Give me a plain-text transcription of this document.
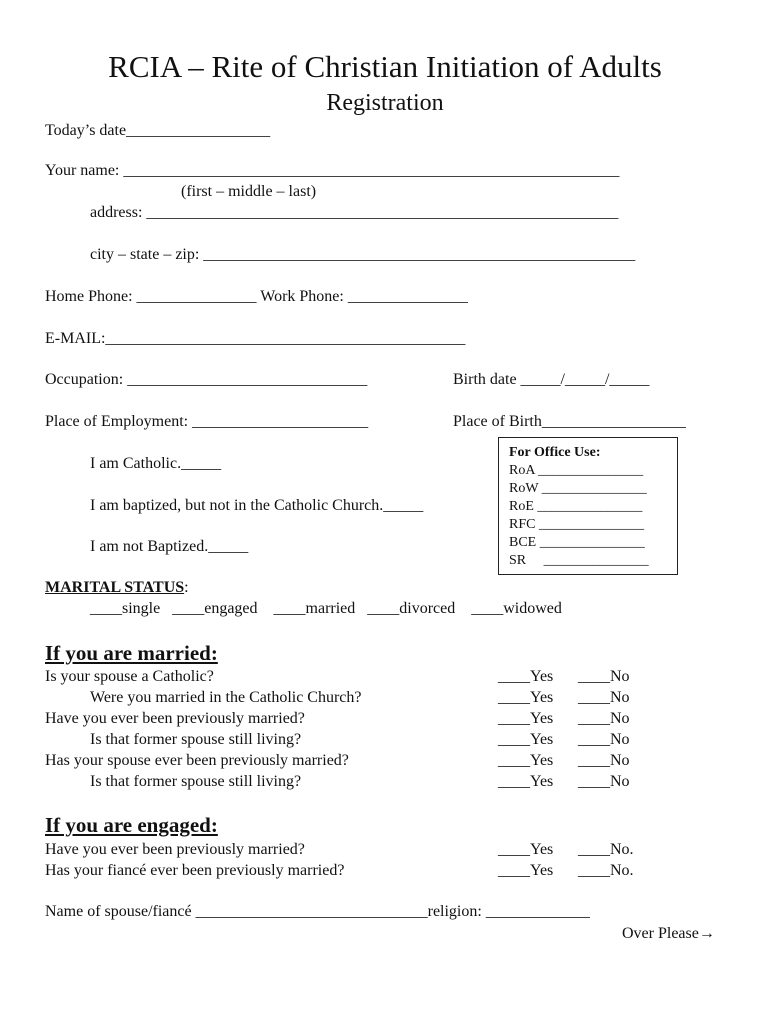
RCIA – Rite of Christian Initiation of Adults
Registration
Today’s date__________________
Your name: ______________________________________________________________
(first – middle – last)
address: ___________________________________________________________
city – state – zip: ______________________________________________________
Home Phone: _______________ Work Phone: _______________
E-MAIL:_____________________________________________
Occupation: ______________________________	Birth date _____/_____/_____
Place of Employment: ______________________	Place of Birth__________________
I am Catholic._____
I am baptized, but not in the Catholic Church._____
I am not Baptized._____
For Office Use:
RoA _______________
RoW _______________
RoE _______________
RFC _______________
BCE _______________
SR     _______________
MARITAL STATUS:
____single   ____engaged    ____married   ____divorced    ____widowed
If you are married:
Is your spouse a Catholic?	____Yes ____No
Were you married in the Catholic Church?	____Yes ____No
Have you ever been previously married?	____Yes ____No
Is that former spouse still living?	____Yes ____No
Has your spouse ever been previously married?	____Yes ____No
Is that former spouse still living?	____Yes ____No
If you are engaged:
Have you ever been previously married?	____Yes ____No.
Has your fiancé ever been previously married?	____Yes ____No.
Name of spouse/fiancé _____________________________religion: _____________
Over Please→
